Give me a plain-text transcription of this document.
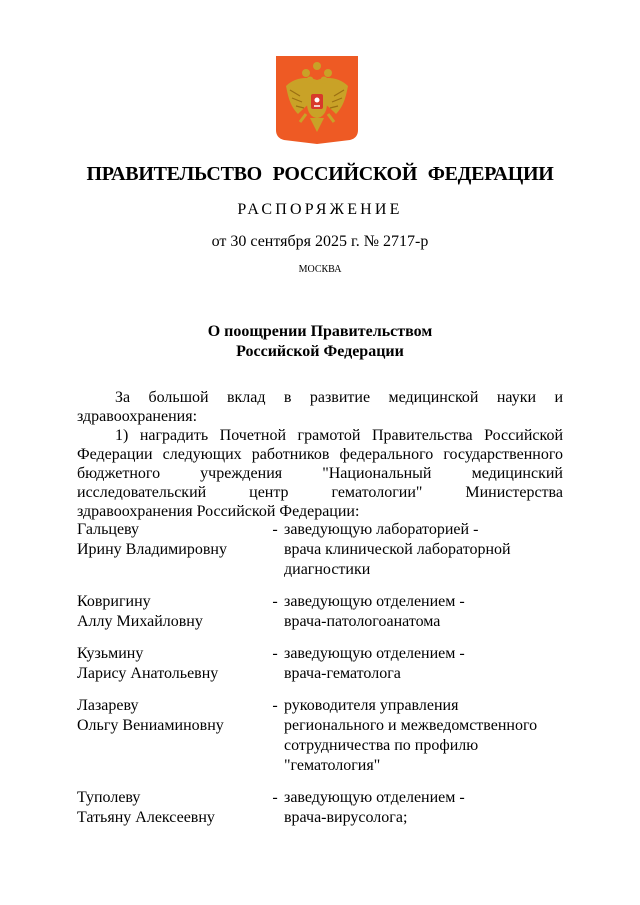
ПРАВИТЕЛЬСТВО РОССИЙСКОЙ ФЕДЕРАЦИИ
РАСПОРЯЖЕНИЕ
от 30 сентября 2025 г. № 2717-р
МОСКВА
О поощрении Правительством
Российской Федерации
За большой вклад в развитие медицинской науки и здравоохранения:
1) наградить Почетной грамотой Правительства Российской Федерации следующих работников федерального государственного бюджетного учреждения "Национальный медицинский исследовательский центр гематологии" Министерства здравоохранения Российской Федерации:
Гальцеву
Ирину Владимировну
- заведующую лабораторией -
врача клинической лабораторной
диагностики
Ковригину
Аллу Михайловну
- заведующую отделением -
врача-патологоанатома
Кузьмину
Ларису Анатольевну
- заведующую отделением -
врача-гематолога
Лазареву
Ольгу Вениаминовну
- руководителя управления
регионального и межведомственного
сотрудничества по профилю
"гематология"
Туполеву
Татьяну Алексеевну
- заведующую отделением -
врача-вирусолога;
